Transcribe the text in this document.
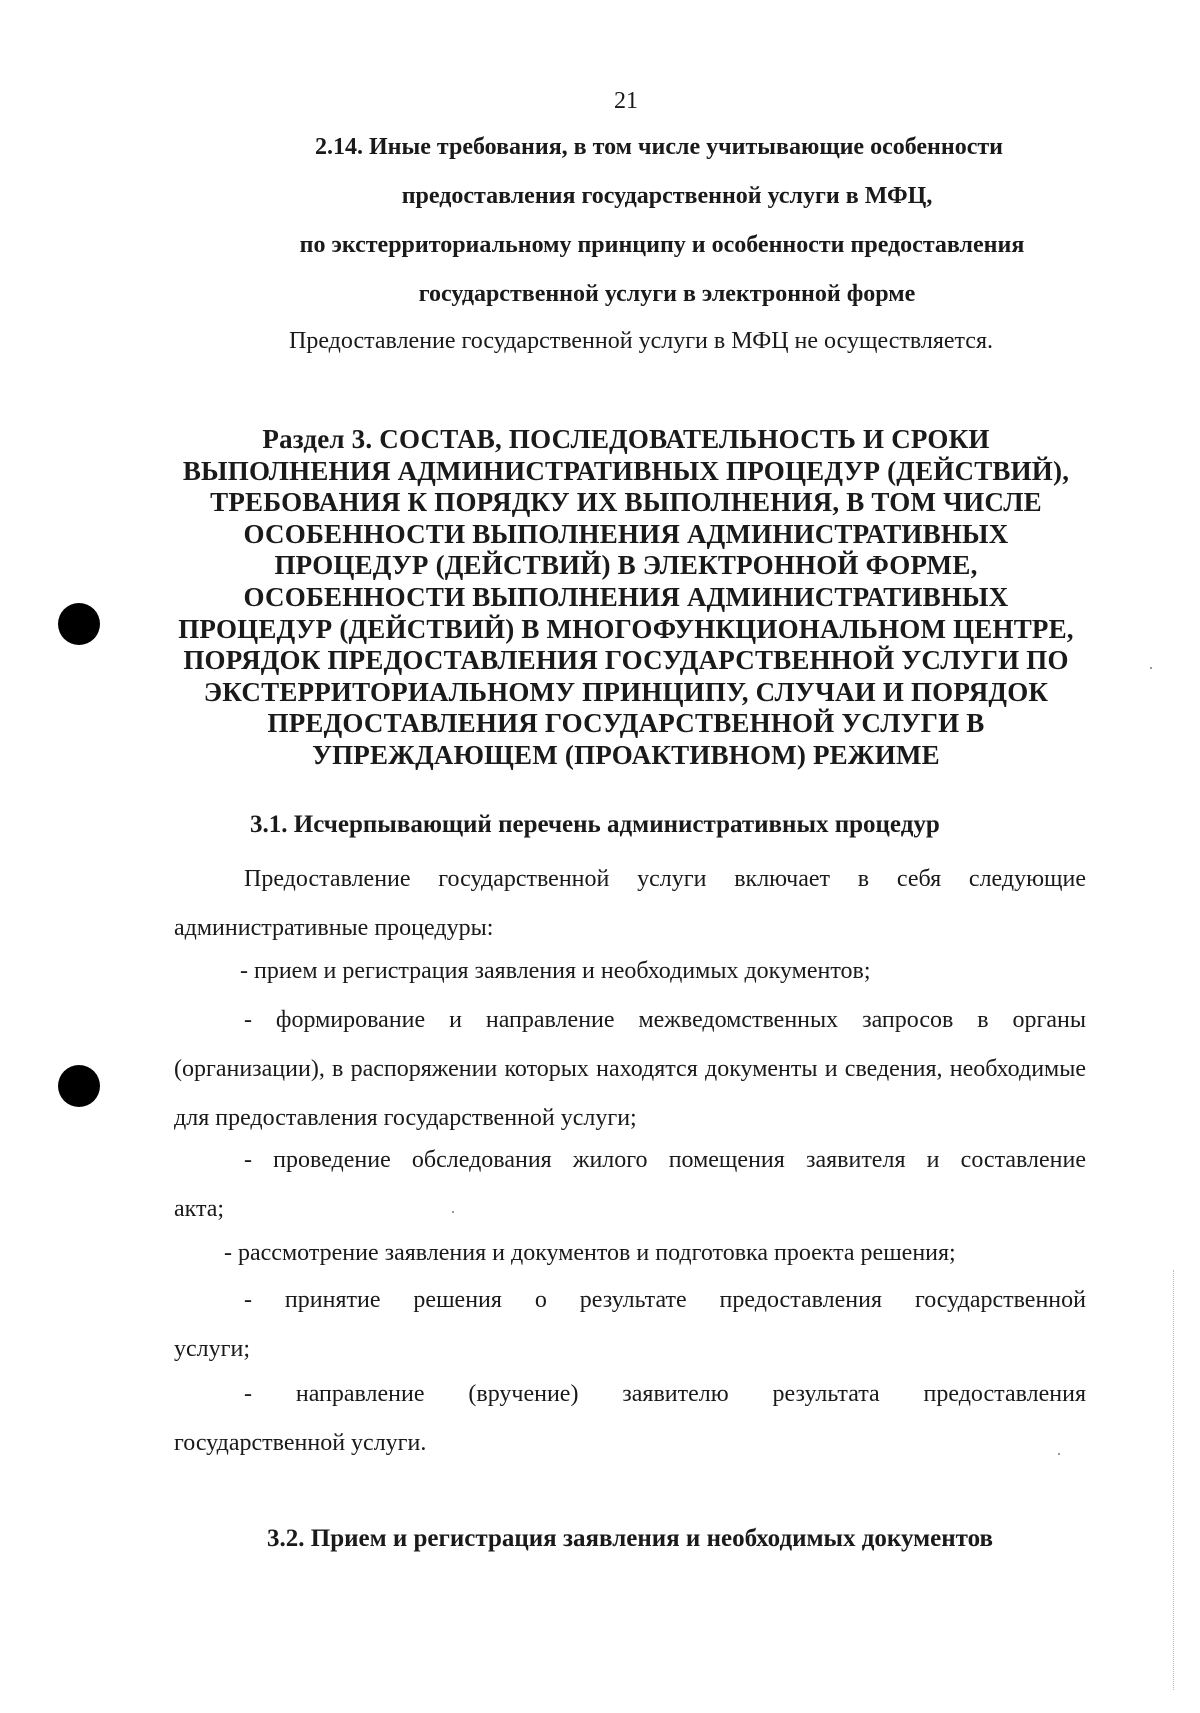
21
2.14. Иные требования, в том числе учитывающие особенности
предоставления государственной услуги в МФЦ,
по экстерриториальному принципу и особенности предоставления
государственной услуги в электронной форме
Предоставление государственной услуги в МФЦ не осуществляется.
Раздел 3. СОСТАВ, ПОСЛЕДОВАТЕЛЬНОСТЬ И СРОКИ
ВЫПОЛНЕНИЯ АДМИНИСТРАТИВНЫХ ПРОЦЕДУР (ДЕЙСТВИЙ),
ТРЕБОВАНИЯ К ПОРЯДКУ ИХ ВЫПОЛНЕНИЯ, В ТОМ ЧИСЛЕ
ОСОБЕННОСТИ ВЫПОЛНЕНИЯ АДМИНИСТРАТИВНЫХ
ПРОЦЕДУР (ДЕЙСТВИЙ) В ЭЛЕКТРОННОЙ ФОРМЕ,
ОСОБЕННОСТИ ВЫПОЛНЕНИЯ АДМИНИСТРАТИВНЫХ
ПРОЦЕДУР (ДЕЙСТВИЙ) В МНОГОФУНКЦИОНАЛЬНОМ ЦЕНТРЕ,
ПОРЯДОК ПРЕДОСТАВЛЕНИЯ ГОСУДАРСТВЕННОЙ УСЛУГИ ПО
ЭКСТЕРРИТОРИАЛЬНОМУ ПРИНЦИПУ, СЛУЧАИ И ПОРЯДОК
ПРЕДОСТАВЛЕНИЯ ГОСУДАРСТВЕННОЙ УСЛУГИ В
УПРЕЖДАЮЩЕМ (ПРОАКТИВНОМ) РЕЖИМЕ
3.1. Исчерпывающий перечень административных процедур
Предоставление государственной услуги включает в себя следующие
административные процедуры:
- прием и регистрация заявления и необходимых документов;
- формирование и направление межведомственных запросов в органы
(организации), в распоряжении которых находятся документы и сведения, необходимые для предоставления государственной услуги;
- проведение обследования жилого помещения заявителя и составление
акта;
- рассмотрение заявления и документов и подготовка проекта решения;
- принятие решения о результате предоставления государственной
услуги;
- направление (вручение) заявителю результата предоставления
государственной услуги.
3.2. Прием и регистрация заявления и необходимых документов
